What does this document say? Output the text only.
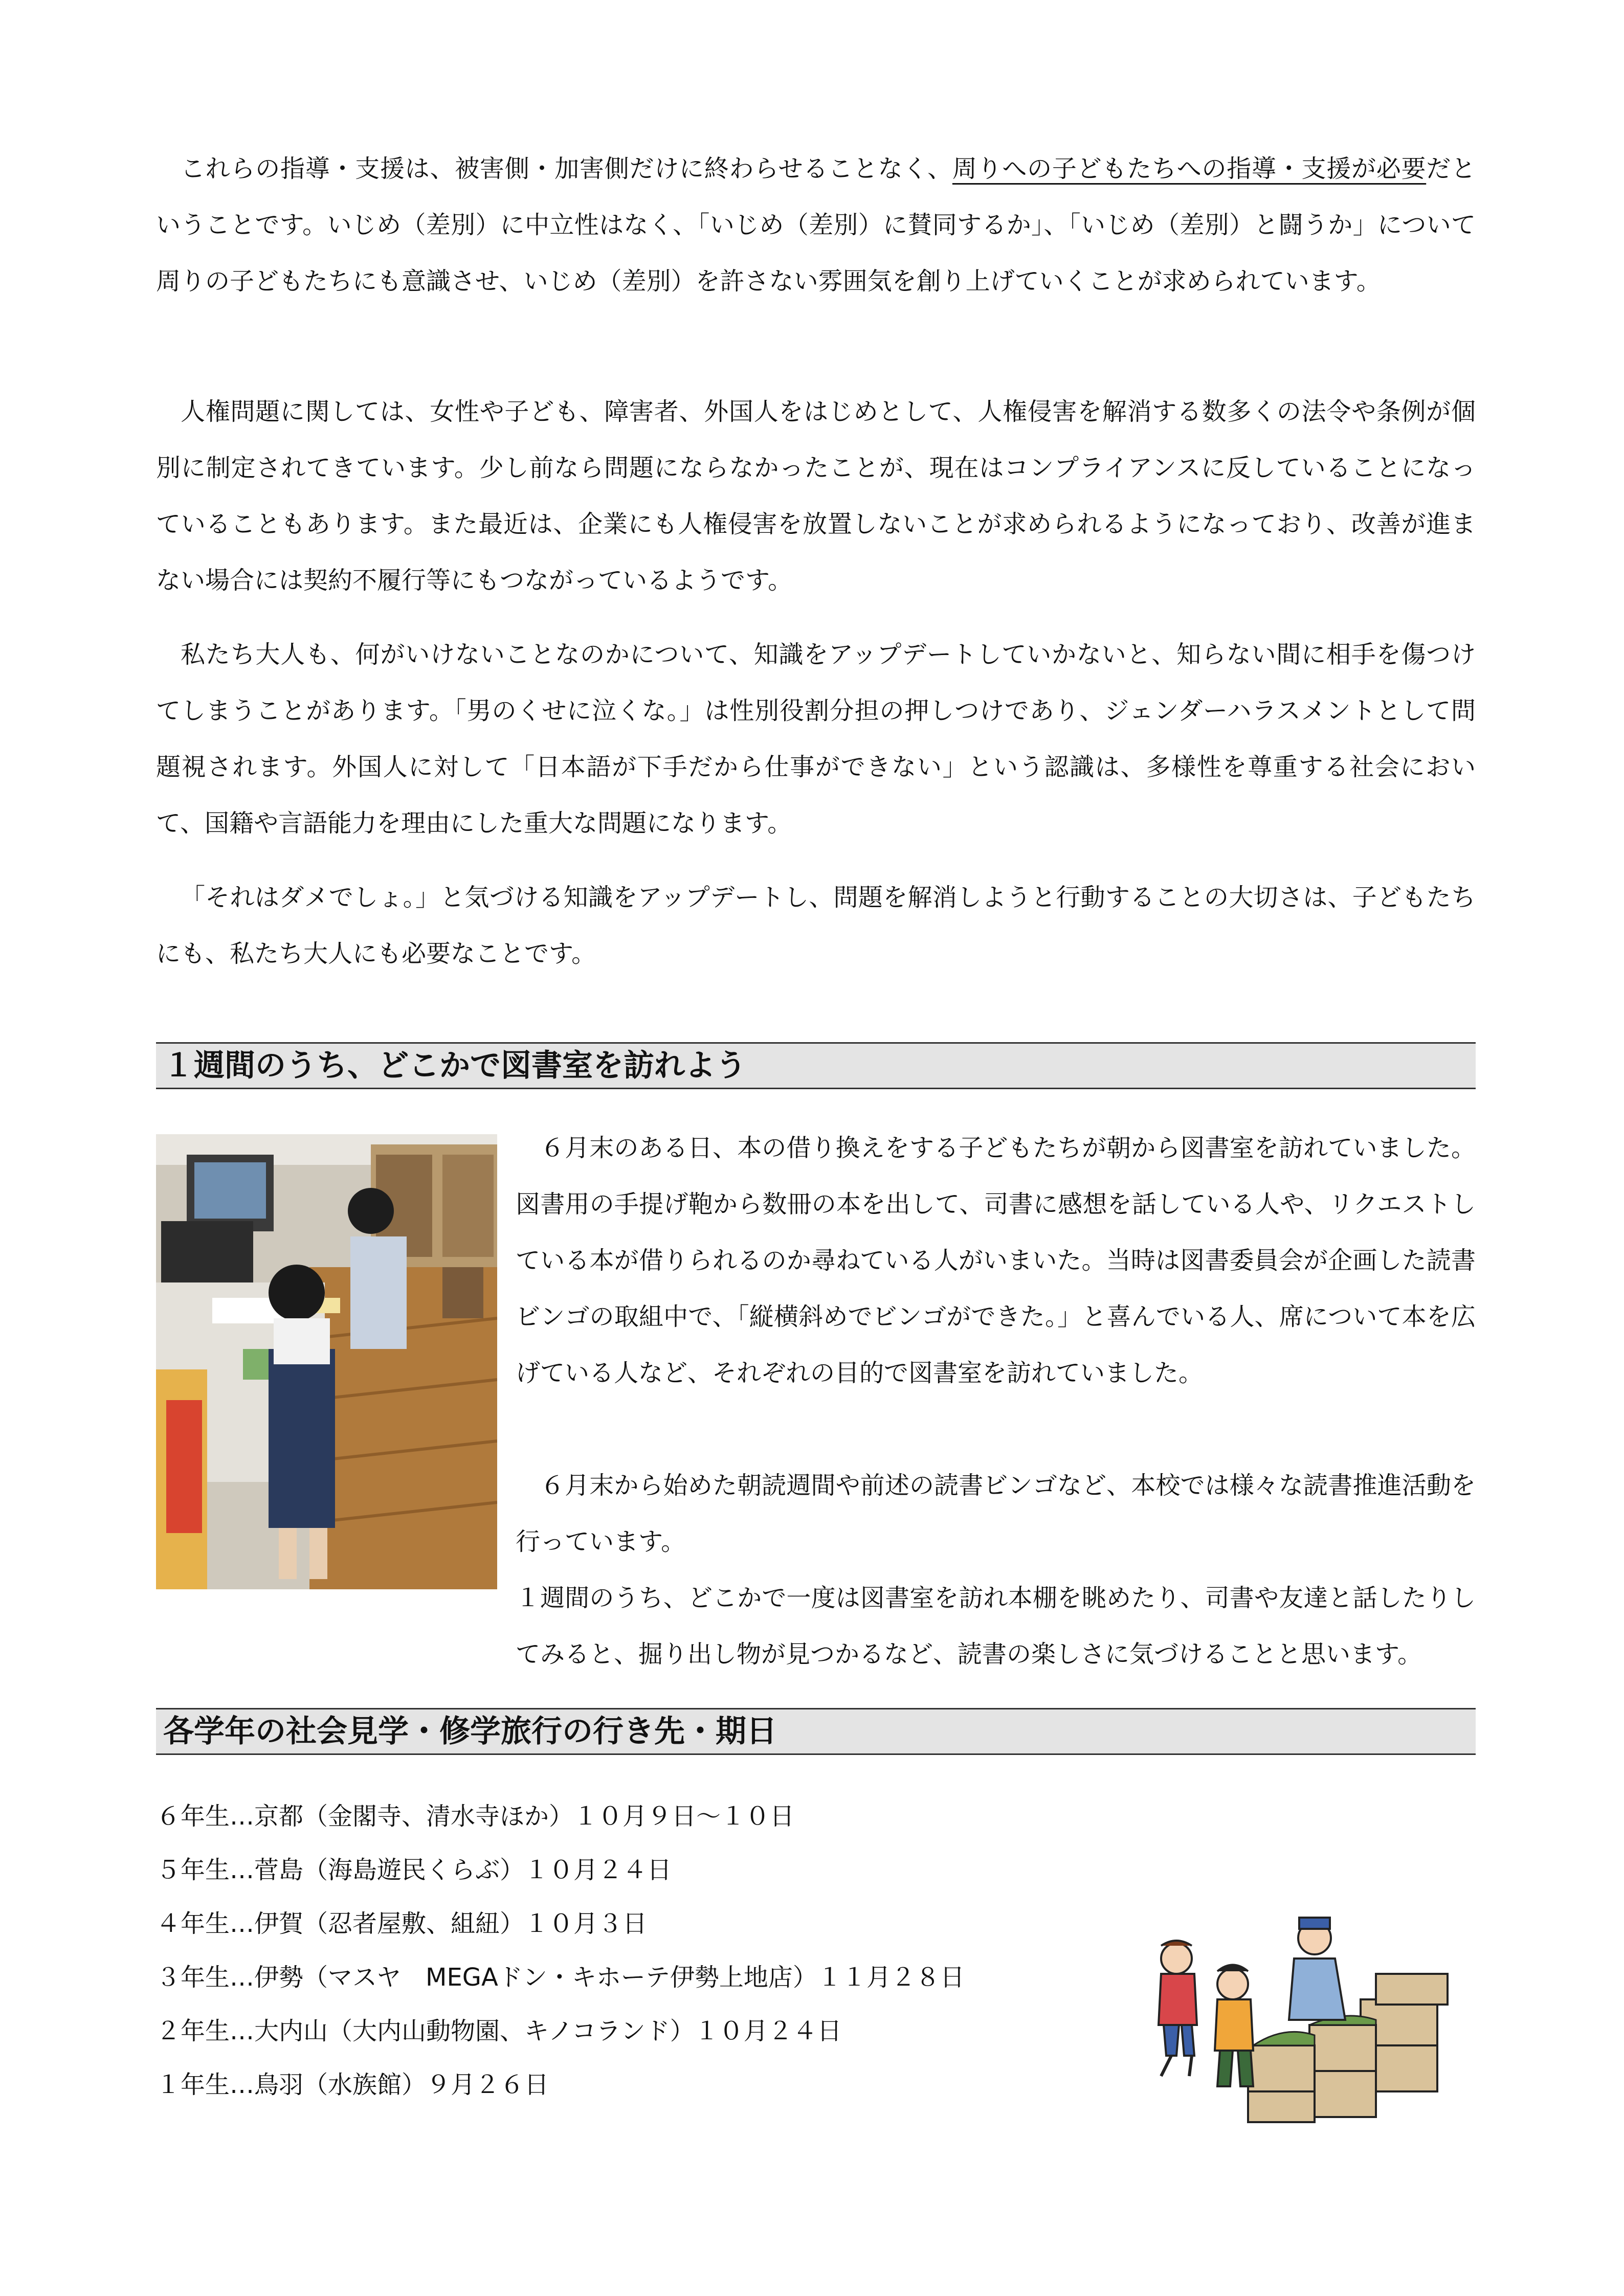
これらの指導・支援は、被害側・加害側だけに終わらせることなく、周りへの子どもたちへの指導・支援が必要だということです。いじめ（差別）に中立性はなく、「いじめ（差別）に賛同するか」、「いじめ（差別）と闘うか」について周りの子どもたちにも意識させ、いじめ（差別）を許さない雰囲気を創り上げていくことが求められています。

人権問題に関しては、女性や子ども、障害者、外国人をはじめとして、人権侵害を解消する数多くの法令や条例が個別に制定されてきています。少し前なら問題にならなかったことが、現在はコンプライアンスに反していることになっていることもあります。また最近は、企業にも人権侵害を放置しないことが求められるようになっており、改善が進まない場合には契約不履行等にもつながっているようです。

私たち大人も、何がいけないことなのかについて、知識をアップデートしていかないと、知らない間に相手を傷つけてしまうことがあります。「男のくせに泣くな。」は性別役割分担の押しつけであり、ジェンダーハラスメントとして問題視されます。外国人に対して「日本語が下手だから仕事ができない」という認識は、多様性を尊重する社会において、国籍や言語能力を理由にした重大な問題になります。

「それはダメでしょ。」と気づける知識をアップデートし、問題を解消しようと行動することの大切さは、子どもたちにも、私たち大人にも必要なことです。

１週間のうち、どこかで図書室を訪れよう

６月末のある日、本の借り換えをする子どもたちが朝から図書室を訪れていました。図書用の手提げ鞄から数冊の本を出して、司書に感想を話している人や、リクエストしている本が借りられるのか尋ねている人がいまいた。当時は図書委員会が企画した読書ビンゴの取組中で、「縦横斜めでビンゴができた。」と喜んでいる人、席について本を広げている人など、それぞれの目的で図書室を訪れていました。

６月末から始めた朝読週間や前述の読書ビンゴなど、本校では様々な読書推進活動を行っています。

１週間のうち、どこかで一度は図書室を訪れ本棚を眺めたり、司書や友達と話したりしてみると、掘り出し物が見つかるなど、読書の楽しさに気づけることと思います。

各学年の社会見学・修学旅行の行き先・期日
６年生…京都（金閣寺、清水寺ほか）１０月９日～１０日
５年生…菅島（海島遊民くらぶ）１０月２４日
４年生…伊賀（忍者屋敷、組紐）１０月３日
３年生…伊勢（マスヤ　MEGAドン・キホーテ伊勢上地店）１１月２８日
２年生…大内山（大内山動物園、キノコランド）１０月２４日
１年生…鳥羽（水族館）９月２６日
